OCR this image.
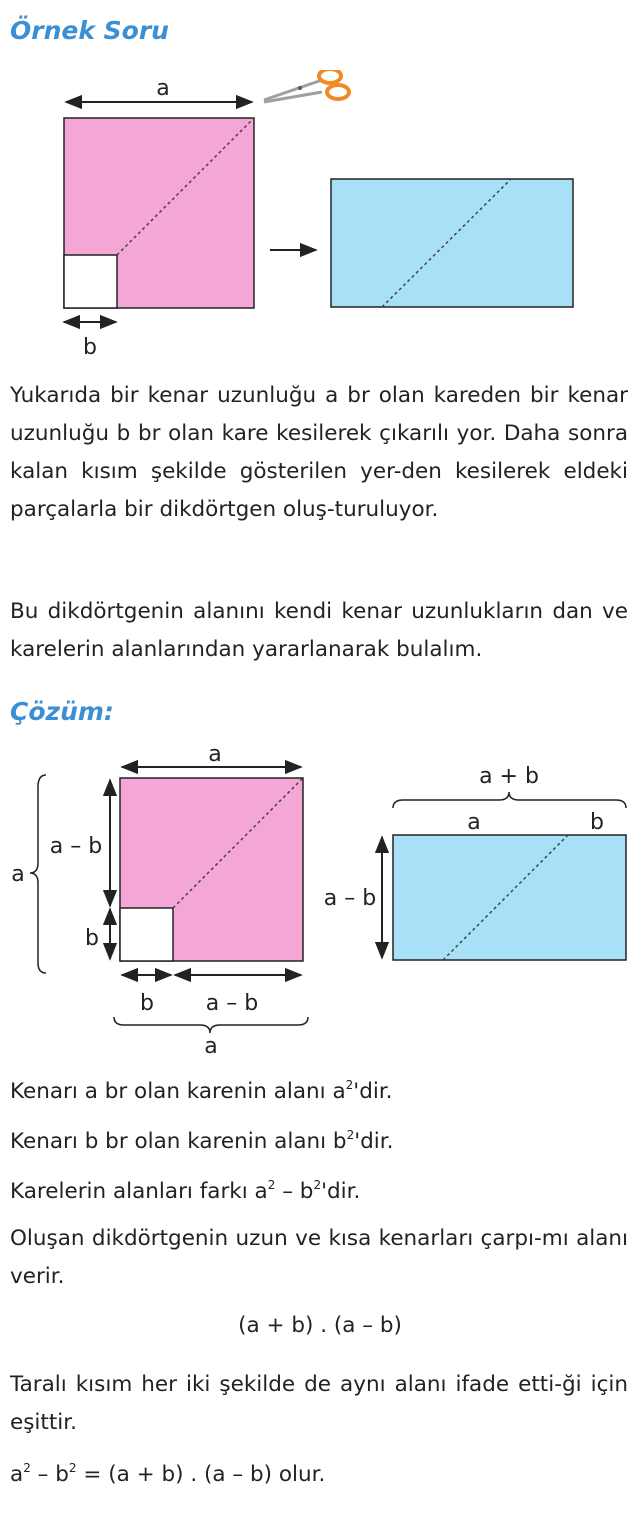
Örnek Soru
a
b

Yukarıda bir kenar uzunluğu a br olan kareden bir kenar uzunluğu b br olan kare kesilerek çıkarılı yor. Daha sonra kalan kısım şekilde gösterilen yer-den kesilerek eldeki parçalarla bir dikdörtgen oluş-turuluyor.

Bu dikdörtgenin alanını kendi kenar uzunlukların dan ve karelerin alanlarından yararlanarak bulalım.

Çözüm:
a
a
a – b
b
b a – b
a
a + b
a	b
a – b

Kenarı a br olan karenin alanı $a^2'dir$.

Kenarı b br olan karenin alanı $b^2'dir$.

Karelerin alanları farkı $a^2 - b^2'dir$.

Oluşan dikdörtgenin uzun ve kısa kenarları çarpı-mı alanı verir.

(a + b) . (a – b)

Taralı kısım her iki şekilde de aynı alanı ifade etti-ği için eşittir.

$a^2 - b^2 = (a + b)$ . (a – b) olur.
